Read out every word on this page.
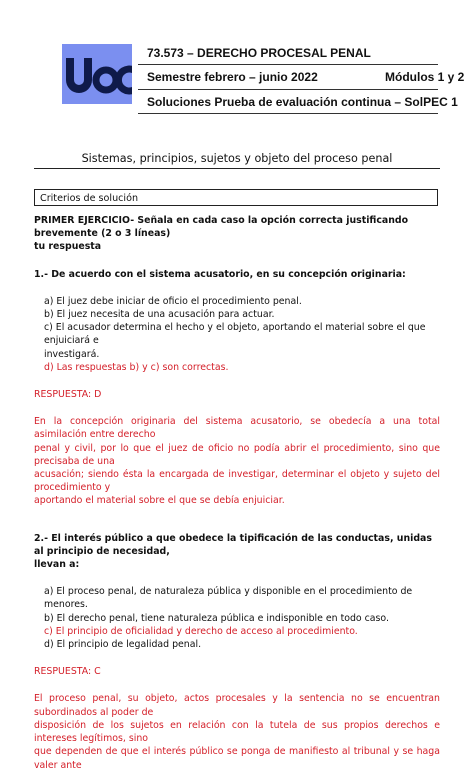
73.573 – DERECHO PROCESAL PENAL
Semestre febrero – junio 2022	Módulos 1 y 2
Soluciones Prueba de evaluación continua – SolPEC 1
Sistemas, principios, sujetos y objeto del proceso penal
Criterios de solución

PRIMER EJERCICIO- Señala en cada caso la opción correcta justificando brevemente (2 o 3 líneas)

tu respuesta

1.- De acuerdo con el sistema acusatorio, en su concepción originaria:

a) El juez debe iniciar de oficio el procedimiento penal.

b) El juez necesita de una acusación para actuar.

c) El acusador determina el hecho y el objeto, aportando el material sobre el que enjuiciará e

investigará.

d) Las respuestas b) y c) son correctas.

RESPUESTA: D

En la concepción originaria del sistema acusatorio, se obedecía a una total asimilación entre derecho

penal y civil, por lo que el juez de oficio no podía abrir el procedimiento, sino que precisaba de una

acusación; siendo ésta la encargada de investigar, determinar el objeto y sujeto del procedimiento y

aportando el material sobre el que se debía enjuiciar.

2.- El interés público a que obedece la tipificación de las conductas, unidas al principio de necesidad,

llevan a:

a) El proceso penal, de naturaleza pública y disponible en el procedimiento de menores.

b) El derecho penal, tiene naturaleza pública e indisponible en todo caso.

c) El principio de oficialidad y derecho de acceso al procedimiento.

d) El principio de legalidad penal.

RESPUESTA: C

El proceso penal, su objeto, actos procesales y la sentencia no se encuentran subordinados al poder de

disposición de los sujetos en relación con la tutela de sus propios derechos e intereses legítimos, sino

que dependen de que el interés público se ponga de manifiesto al tribunal y se haga valer ante
